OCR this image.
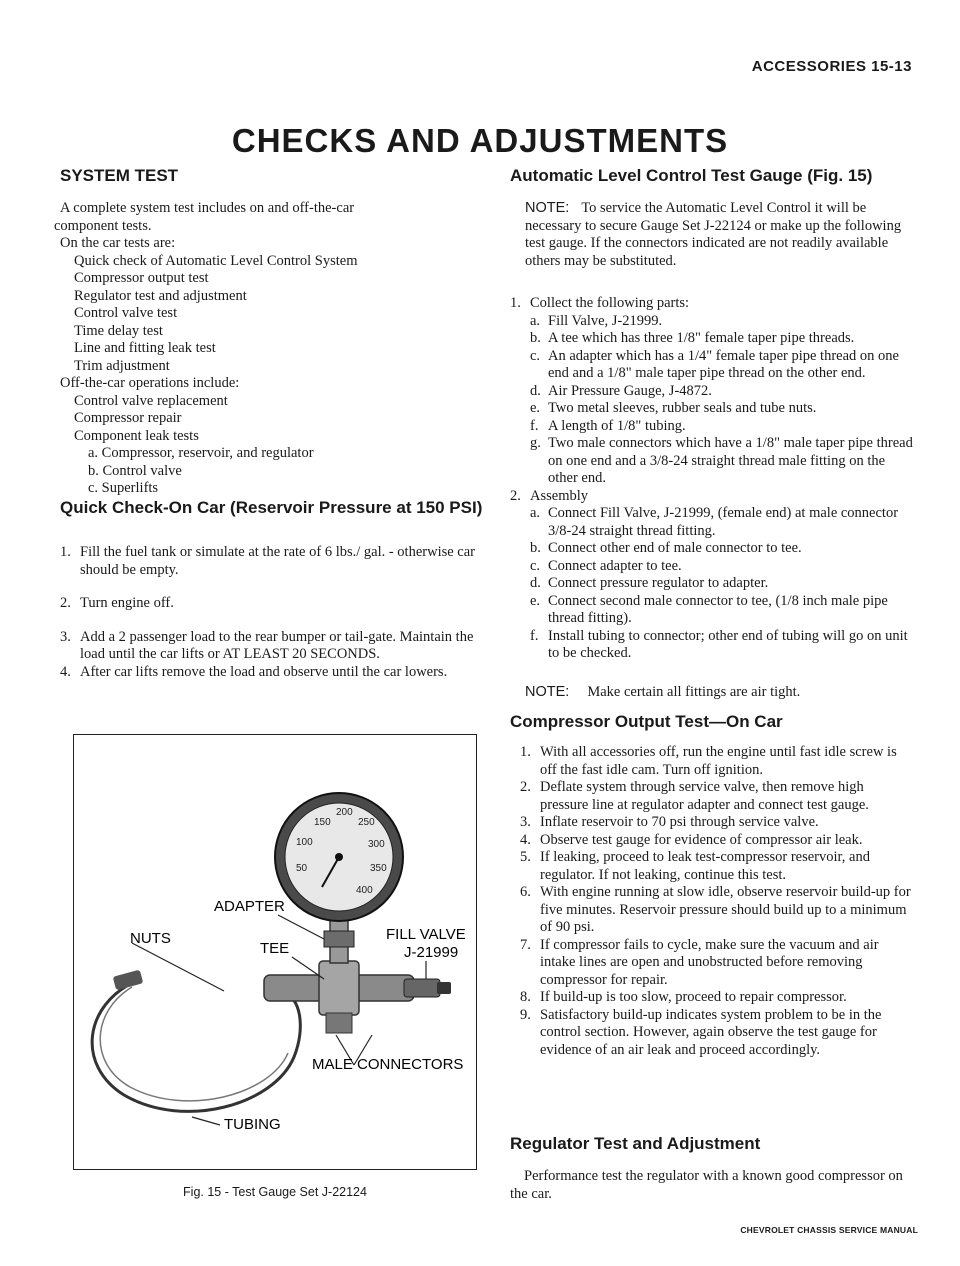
ACCESSORIES 15-13
CHECKS AND ADJUSTMENTS
SYSTEM TEST
A complete system test includes on and off-the-car
component tests.
On the car tests are:
Quick check of Automatic Level Control System
Compressor output test
Regulator test and adjustment
Control valve test
Time delay test
Line and fitting leak test
Trim adjustment
Off-the-car operations include:
Control valve replacement
Compressor repair
Component leak tests
a. Compressor, reservoir, and regulator
b. Control valve
c. Superlifts
Quick Check-On Car (Reservoir Pressure at 150 PSI)
1. Fill the fuel tank or simulate at the rate of 6 lbs./ gal. - otherwise car should be empty.
2. Turn engine off.
3. Add a 2 passenger load to the rear bumper or tail-gate. Maintain the load until the car lifts or AT LEAST 20 SECONDS.
4. After car lifts remove the load and observe until the car lowers.
100
150
200
250
300
350
400
50
ADAPTER
TEE
NUTS	FILL VALVE
J-21999
MALE CONNECTORS
TUBING
Fig. 15 - Test Gauge Set J-22124
Automatic Level Control Test Gauge (Fig. 15)
NOTE: To service the Automatic Level Control it will be necessary to secure Gauge Set J-22124 or make up the following test gauge. If the connectors indicated are not readily available others may be substituted.
1. Collect the following parts:
a. Fill Valve, J-21999.
b. A tee which has three 1/8" female taper pipe threads.
c. An adapter which has a 1/4" female taper pipe thread on one end and a 1/8" male taper pipe thread on the other end.
d. Air Pressure Gauge, J-4872.
e. Two metal sleeves, rubber seals and tube nuts.
f. A length of 1/8" tubing.
g. Two male connectors which have a 1/8" male taper pipe thread on one end and a 3/8-24 straight thread male fitting on the other end.
2. Assembly
a. Connect Fill Valve, J-21999, (female end) at male connector 3/8-24 straight thread fitting.
b. Connect other end of male connector to tee.
c. Connect adapter to tee.
d. Connect pressure regulator to adapter.
e. Connect second male connector to tee, (1/8 inch male pipe thread fitting).
f. Install tubing to connector; other end of tubing will go on unit to be checked.
NOTE: Make certain all fittings are air tight.
Compressor Output Test—On Car
1. With all accessories off, run the engine until fast idle screw is off the fast idle cam. Turn off ignition.
2. Deflate system through service valve, then remove high pressure line at regulator adapter and connect test gauge.
3. Inflate reservoir to 70 psi through service valve.
4. Observe test gauge for evidence of compressor air leak.
5. If leaking, proceed to leak test-compressor reservoir, and regulator. If not leaking, continue this test.
6. With engine running at slow idle, observe reservoir build-up for five minutes. Reservoir pressure should build up to a minimum of 90 psi.
7. If compressor fails to cycle, make sure the vacuum and air intake lines are open and unobstructed before removing compressor for repair.
8. If build-up is too slow, proceed to repair compressor.
9. Satisfactory build-up indicates system problem to be in the control section. However, again observe the test gauge for evidence of an air leak and proceed accordingly.
Regulator Test and Adjustment
Performance test the regulator with a known good compressor on the car.
CHEVROLET CHASSIS SERVICE MANUAL
